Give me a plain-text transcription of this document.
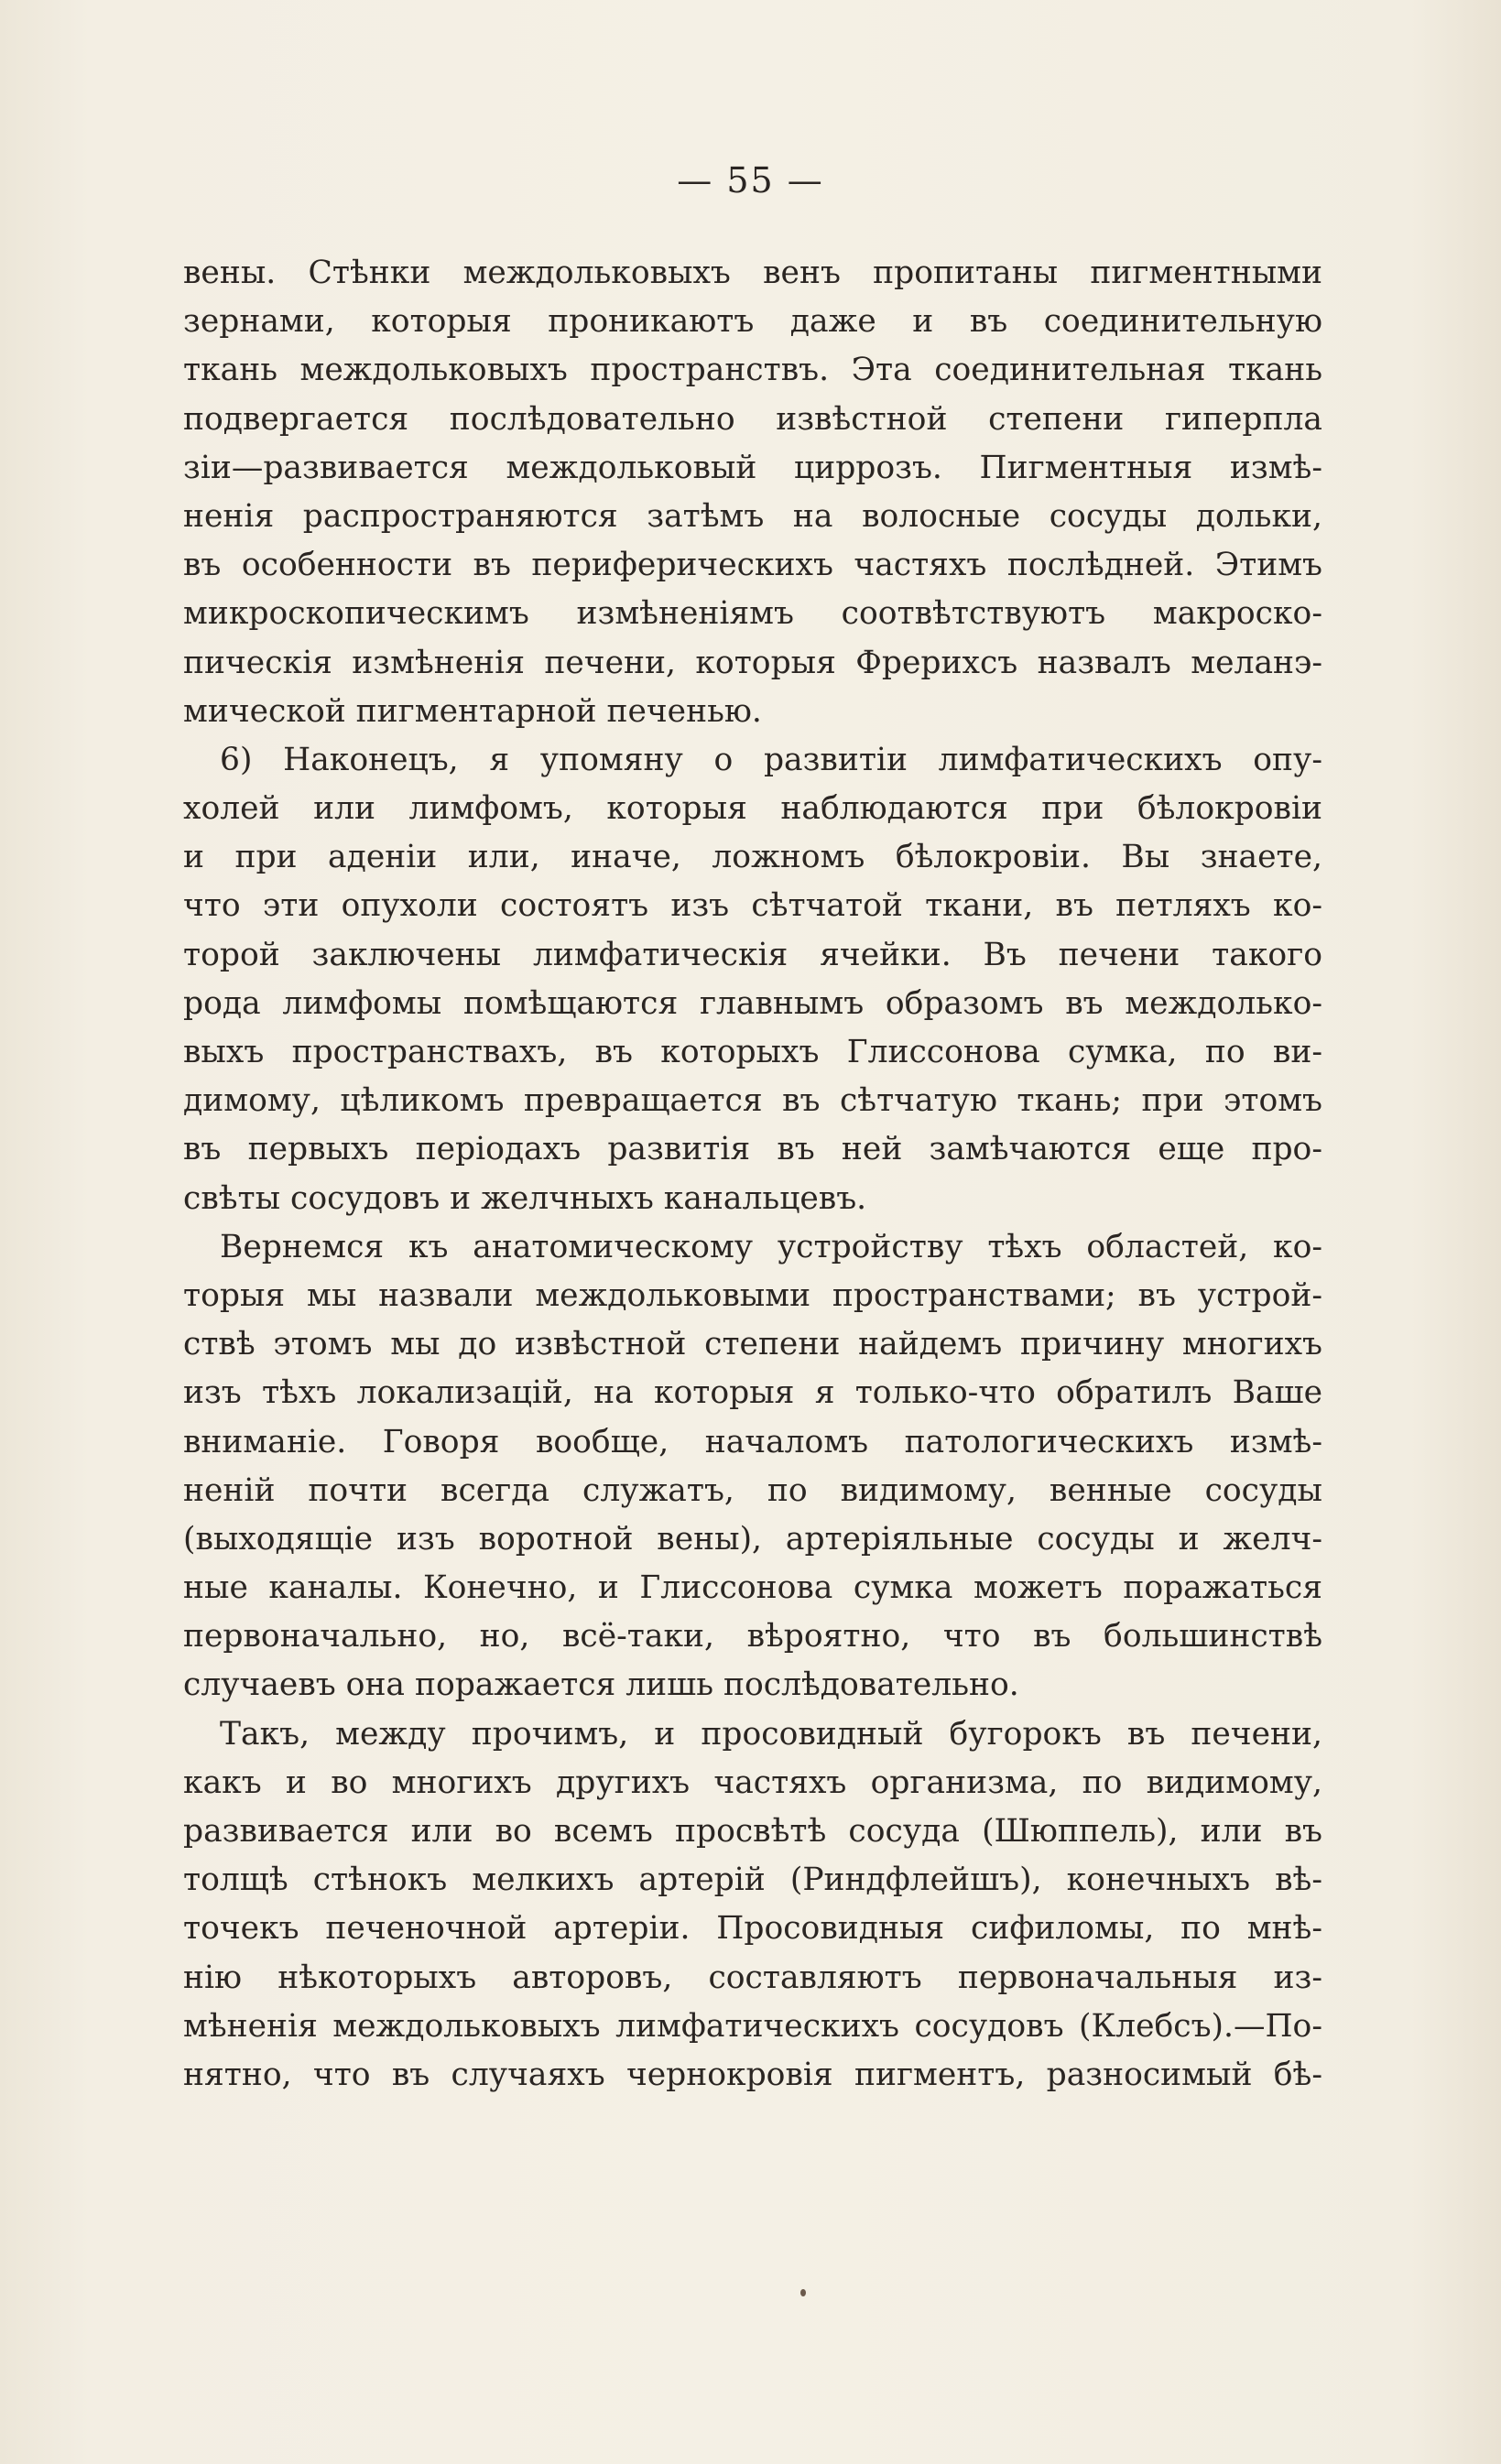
— 55 —
вены. Стѣнки междольковыхъ венъ пропитаны пигментными
зернами, которыя проникаютъ даже и въ соединительную
ткань междольковыхъ пространствъ. Эта соединительная ткань
подвергается послѣдовательно извѣстной степени гиперпла
зіи—развивается междольковый циррозъ. Пигментныя измѣ-
ненія распространяются затѣмъ на волосные сосуды дольки,
въ особенности въ периферическихъ частяхъ послѣдней. Этимъ
микроскопическимъ измѣненіямъ соотвѣтствуютъ макроско-
пическія измѣненія печени, которыя Фрерихсъ назвалъ меланэ-
мической пигментарной печенью.
6) Наконецъ, я упомяну о развитіи лимфатическихъ опу-
холей или лимфомъ, которыя наблюдаются при бѣлокровіи
и при аденіи или, иначе, ложномъ бѣлокровіи. Вы знаете,
что эти опухоли состоятъ изъ сѣтчатой ткани, въ петляхъ ко-
торой заключены лимфатическія ячейки. Въ печени такого
рода лимфомы помѣщаются главнымъ образомъ въ междолько-
выхъ пространствахъ, въ которыхъ Глиссонова сумка, по ви-
димому, цѣликомъ превращается въ сѣтчатую ткань; при этомъ
въ первыхъ періодахъ развитія въ ней замѣчаются еще про-
свѣты сосудовъ и желчныхъ канальцевъ.
Вернемся къ анатомическому устройству тѣхъ областей, ко-
торыя мы назвали междольковыми пространствами; въ устрой-
ствѣ этомъ мы до извѣстной степени найдемъ причину многихъ
изъ тѣхъ локализацій, на которыя я только-что обратилъ Ваше
вниманіе. Говоря вообще, началомъ патологическихъ измѣ-
неній почти всегда служатъ, по видимому, венные сосуды
(выходящіе изъ воротной вены), артеріяльные сосуды и желч-
ные каналы. Конечно, и Глиссонова сумка можетъ поражаться
первоначально, но, всё-таки, вѣроятно, что въ большинствѣ
случаевъ она поражается лишь послѣдовательно.
Такъ, между прочимъ, и просовидный бугорокъ въ печени,
какъ и во многихъ другихъ частяхъ организма, по видимому,
развивается или во всемъ просвѣтѣ сосуда (Шюппель), или въ
толщѣ стѣнокъ мелкихъ артерій (Риндфлейшъ), конечныхъ вѣ-
точекъ печеночной артеріи. Просовидныя сифиломы, по мнѣ-
нію нѣкоторыхъ авторовъ, составляютъ первоначальныя из-
мѣненія междольковыхъ лимфатическихъ сосудовъ (Клебсъ).—По-
нятно, что въ случаяхъ чернокровія пигментъ, разносимый бѣ-
